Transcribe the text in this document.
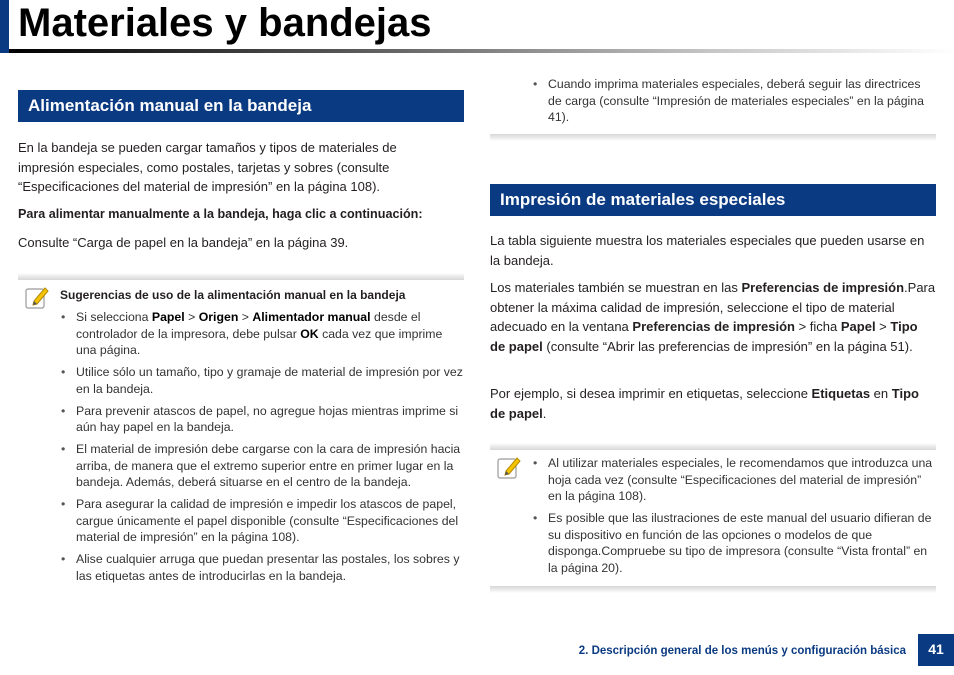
Materiales y bandejas
Alimentación manual en la bandeja

En la bandeja se pueden cargar tamaños y tipos de materiales de impresión especiales, como postales, tarjetas y sobres (consulte “Especificaciones del material de impresión” en la página 108).

Para alimentar manualmente a la bandeja, haga clic a continuación:

Consulte “Carga de papel en la bandeja” en la página 39.

Sugerencias de uso de la alimentación manual en la bandeja

• Si selecciona Papel > Origen > Alimentador manual desde el controlador de la impresora, debe pulsar OK cada vez que imprime una página.
• Utilice sólo un tamaño, tipo y gramaje de material de impresión por vez en la bandeja.
• Para prevenir atascos de papel, no agregue hojas mientras imprime si aún hay papel en la bandeja.
• El material de impresión debe cargarse con la cara de impresión hacia arriba, de manera que el extremo superior entre en primer lugar en la bandeja. Además, deberá situarse en el centro de la bandeja.
• Para asegurar la calidad de impresión e impedir los atascos de papel, cargue únicamente el papel disponible (consulte “Especificaciones del material de impresión” en la página 108).
• Alise cualquier arruga que puedan presentar las postales, los sobres y las etiquetas antes de introducirlas en la bandeja.
• Cuando imprima materiales especiales, deberá seguir las directrices de carga (consulte “Impresión de materiales especiales” en la página 41).
Impresión de materiales especiales

La tabla siguiente muestra los materiales especiales que pueden usarse en la bandeja.

Los materiales también se muestran en las Preferencias de impresión.Para obtener la máxima calidad de impresión, seleccione el tipo de material adecuado en la ventana Preferencias de impresión > ficha Papel > Tipo de papel (consulte “Abrir las preferencias de impresión” en la página 51).

Por ejemplo, si desea imprimir en etiquetas, seleccione Etiquetas en Tipo de papel.

• Al utilizar materiales especiales, le recomendamos que introduzca una hoja cada vez (consulte “Especificaciones del material de impresión” en la página 108).
• Es posible que las ilustraciones de este manual del usuario difieran de su dispositivo en función de las opciones o modelos de que disponga.Compruebe su tipo de impresora (consulte “Vista frontal” en la página 20).
2. Descripción general de los menús y configuración básica	41
